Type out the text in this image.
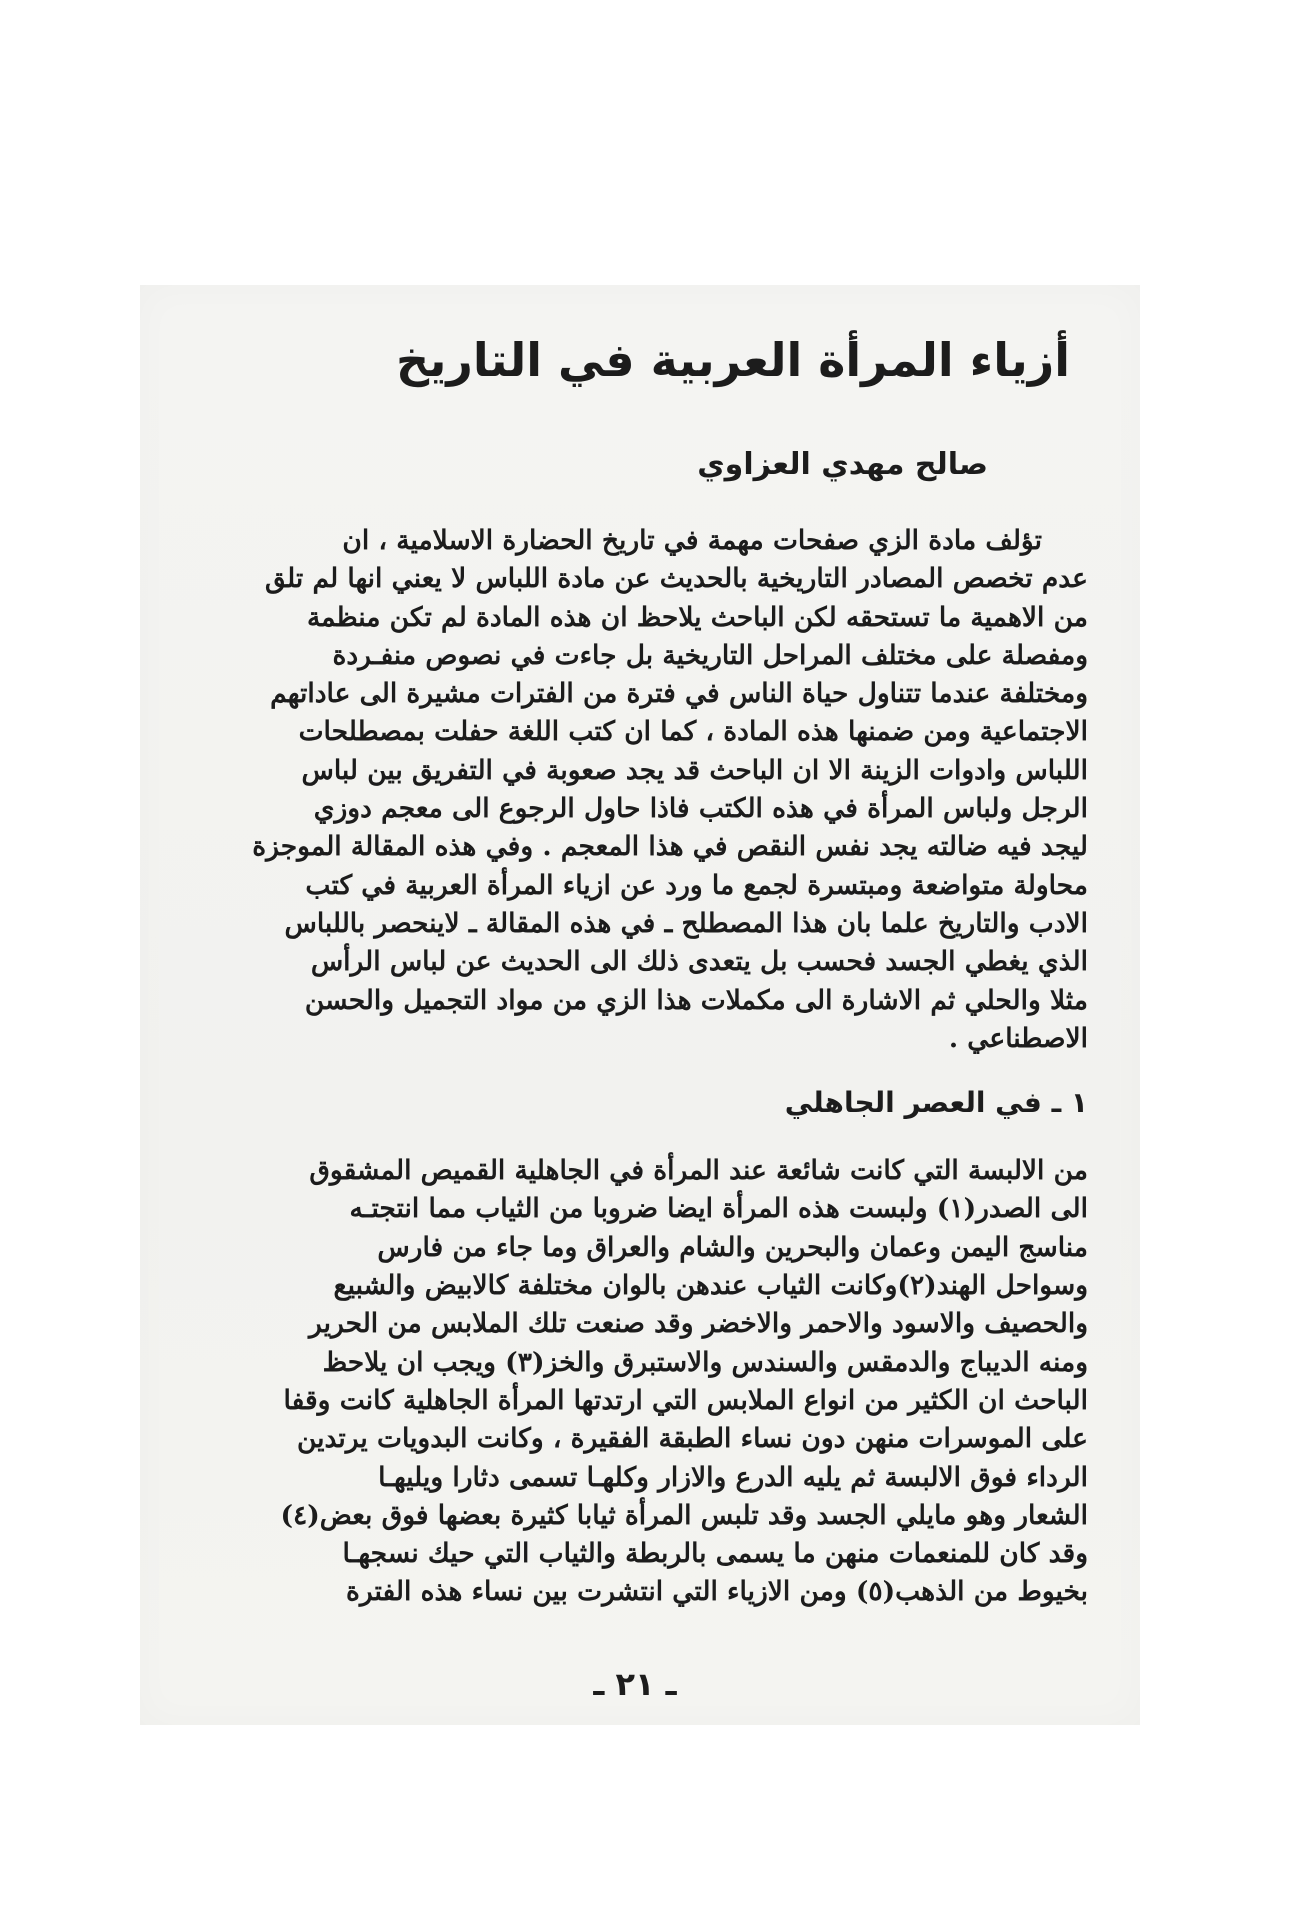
أزياء المرأة العربية في التاريخ
صالح مهدي العزاوي
تؤلف مادة الزي صفحات مهمة في تاريخ الحضارة الاسلامية ، ان
عدم تخصص المصادر التاريخية بالحديث عن مادة اللباس لا يعني انها لم تلق
من الاهمية ما تستحقه لكن الباحث يلاحظ ان هذه المادة لم تكن منظمة
ومفصلة على مختلف المراحل التاريخية بل جاءت في نصوص منفـردة
ومختلفة عندما تتناول حياة الناس في فترة من الفترات مشيرة الى عاداتهم
الاجتماعية ومن ضمنها هذه المادة ، كما ان كتب اللغة حفلت بمصطلحات
اللباس وادوات الزينة الا ان الباحث قد يجد صعوبة في التفريق بين لباس
الرجل ولباس المرأة في هذه الكتب فاذا حاول الرجوع الى معجم دوزي
ليجد فيه ضالته يجد نفس النقص في هذا المعجم . وفي هذه المقالة الموجزة
محاولة متواضعة ومبتسرة لجمع ما ورد عن ازياء المرأة العربية في كتب
الادب والتاريخ علما بان هذا المصطلح ـ في هذه المقالة ـ لاينحصر باللباس
الذي يغطي الجسد فحسب بل يتعدى ذلك الى الحديث عن لباس الرأس
مثلا والحلي ثم الاشارة الى مكملات هذا الزي من مواد التجميل والحسن
الاصطناعي .
١ ـ في العصر الجاهلي
من الالبسة التي كانت شائعة عند المرأة في الجاهلية القميص المشقوق
الى الصدر(١) ولبست هذه المرأة ايضا ضروبا من الثياب مما انتجتـه
مناسج اليمن وعمان والبحرين والشام والعراق وما جاء من فارس
وسواحل الهند(٢)وكانت الثياب عندهن بالوان مختلفة كالابيض والشبيع
والحصيف والاسود والاحمر والاخضر وقد صنعت تلك الملابس من الحرير
ومنه الديباج والدمقس والسندس والاستبرق والخز(٣) ويجب ان يلاحظ
الباحث ان الكثير من انواع الملابس التي ارتدتها المرأة الجاهلية كانت وقفا
على الموسرات منهن دون نساء الطبقة الفقيرة ، وكانت البدويات يرتدين
الرداء فوق الالبسة ثم يليه الدرع والازار وكلهـا تسمى دثارا ويليهـا
الشعار وهو مايلي الجسد وقد تلبس المرأة ثيابا كثيرة بعضها فوق بعض(٤)
وقد كان للمنعمات منهن ما يسمى بالربطة والثياب التي حيك نسجهـا
بخيوط من الذهب(٥) ومن الازياء التي انتشرت بين نساء هذه الفترة
ـ ٢١ ـ
